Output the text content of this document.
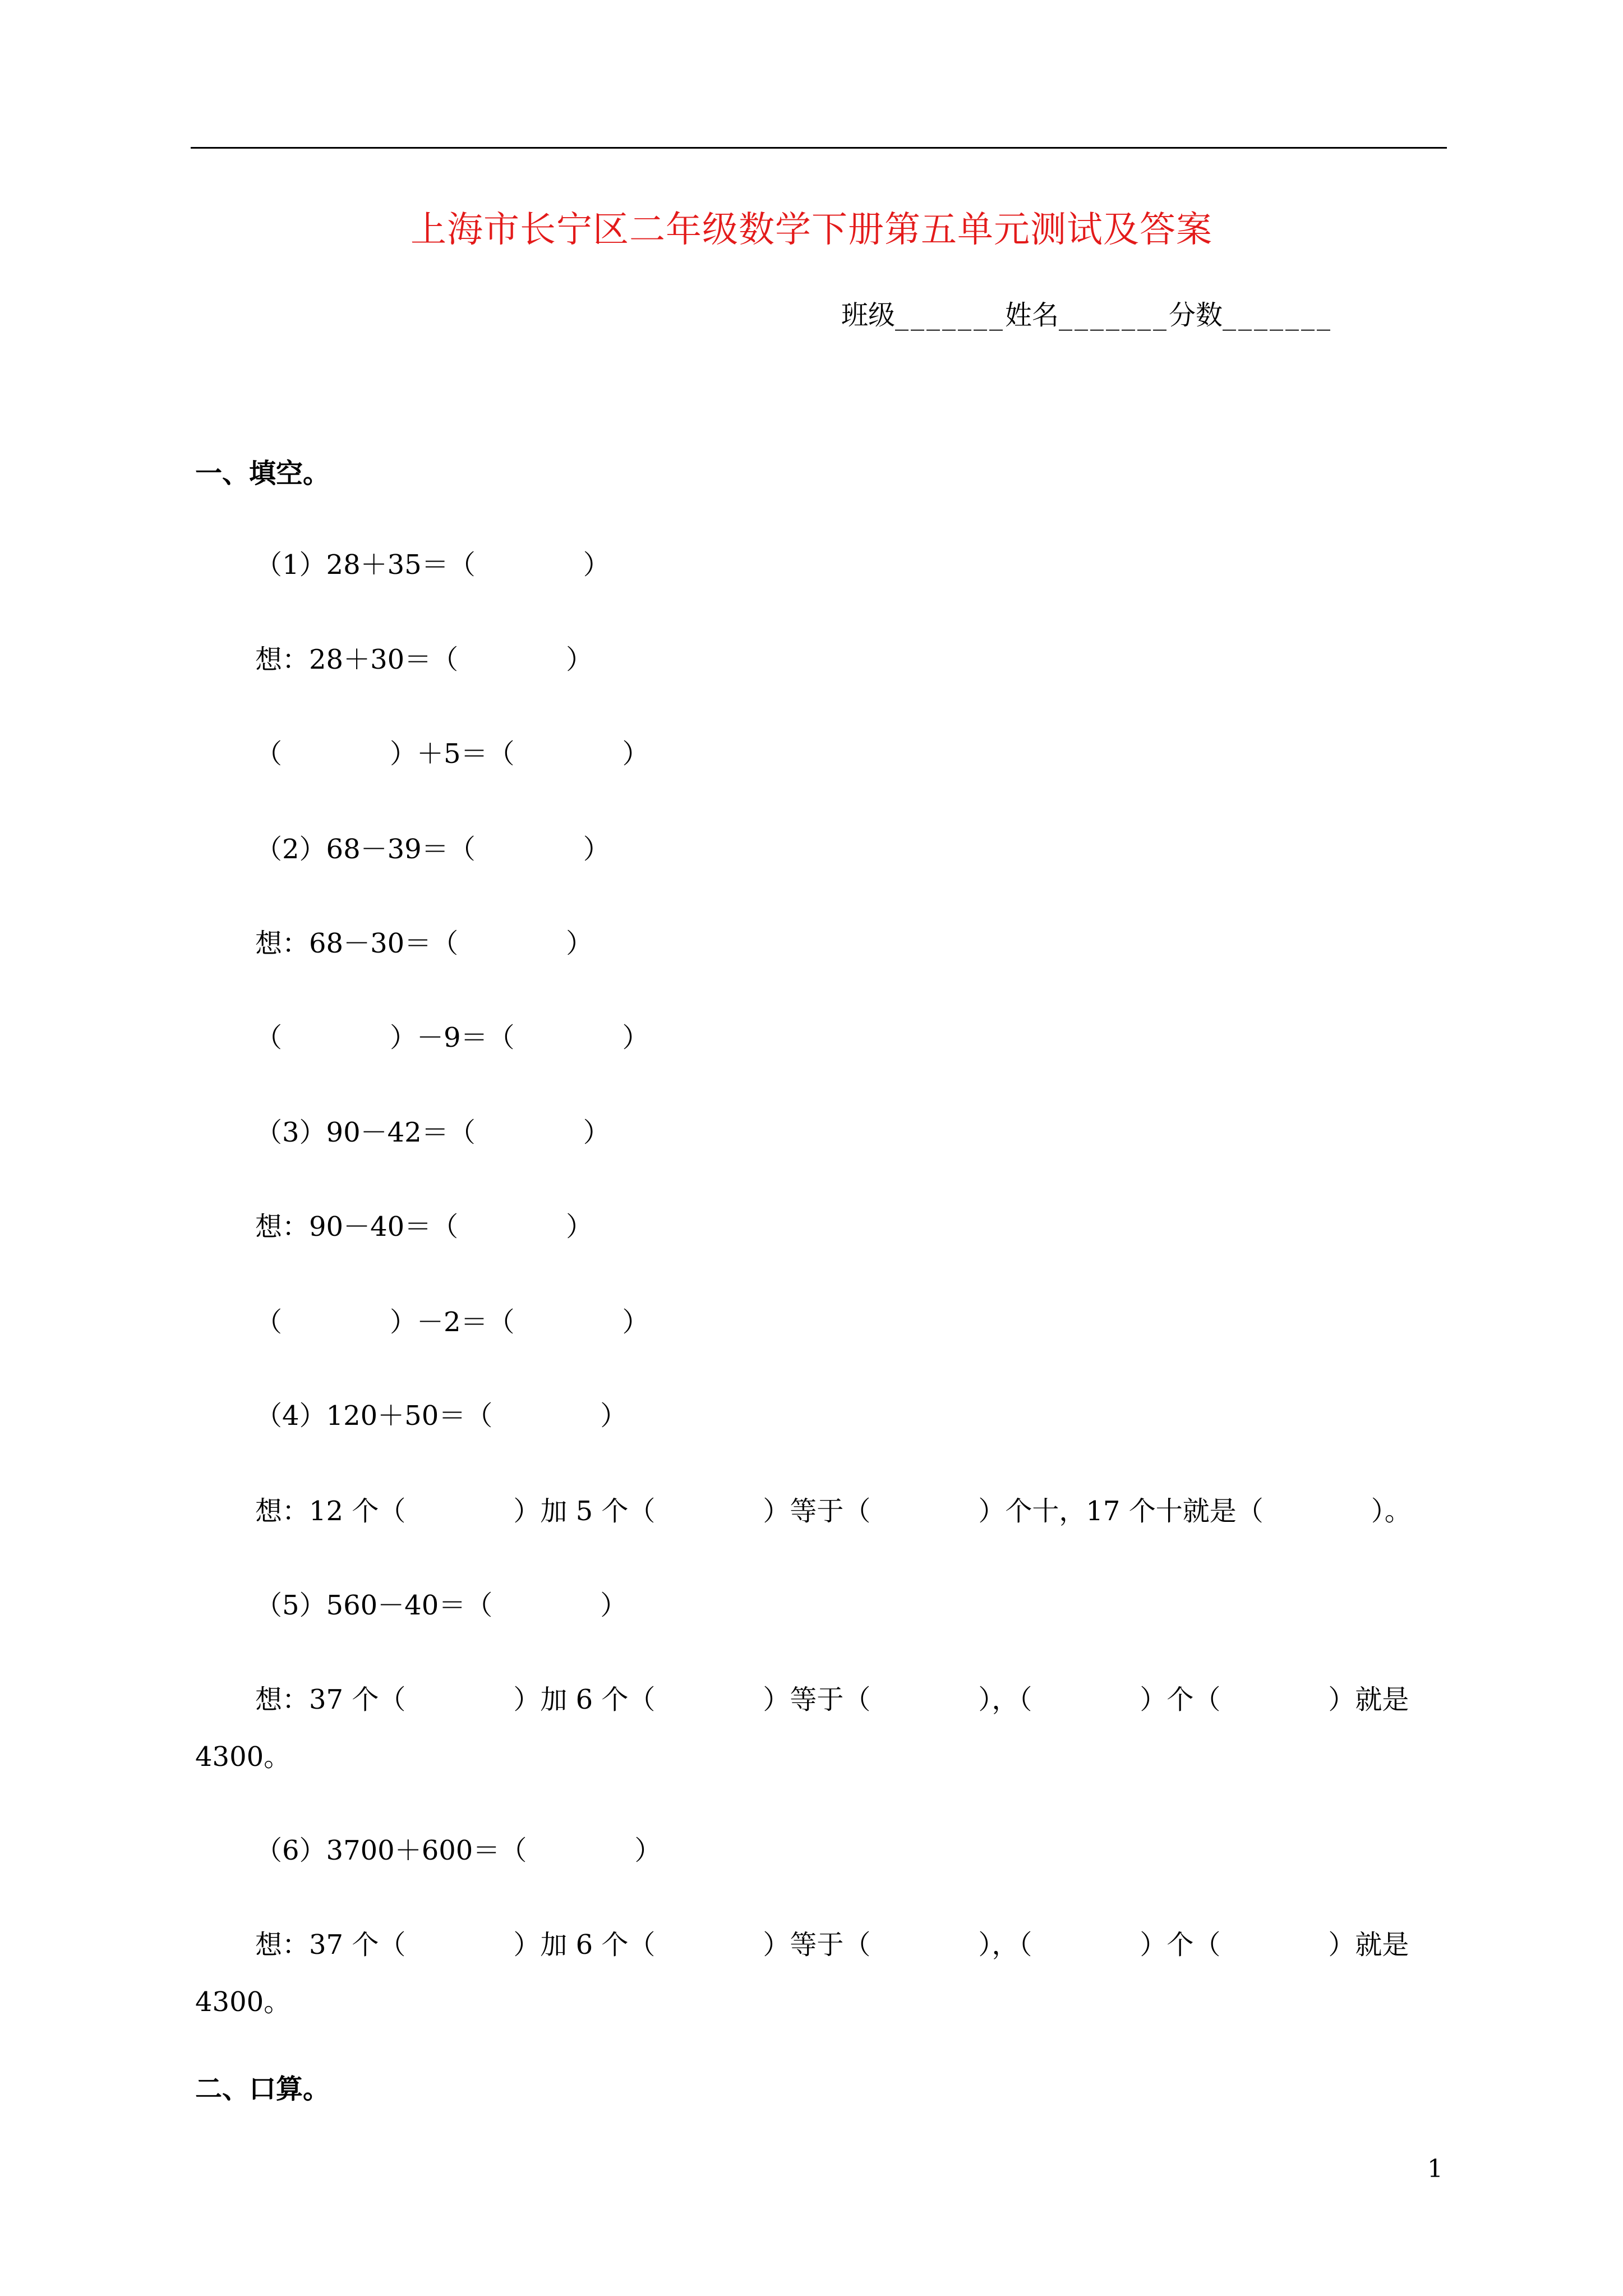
上海市长宁区二年级数学下册第五单元测试及答案
班级_______姓名_______分数_______
一、填空。
（1）28＋35＝（　　　　）
想：28＋30＝（　　　　）
（　　　　）＋5＝（　　　　）
（2）68－39＝（　　　　）
想：68－30＝（　　　　）
（　　　　）－9＝（　　　　）
（3）90－42＝（　　　　）
想：90－40＝（　　　　）
（　　　　）－2＝（　　　　）
（4）120＋50＝（　　　　）
想：12 个（　　　　）加 5 个（　　　　）等于（　　　　）个十，17 个十就是（　　　　）。
（5）560－40＝（　　　　）
想：37 个（　　　　）加 6 个（　　　　）等于（　　　　），（　　　　）个（　　　　）就是
4300。
（6）3700＋600＝（　　　　）
想：37 个（　　　　）加 6 个（　　　　）等于（　　　　），（　　　　）个（　　　　）就是
4300。
二、口算。
1
